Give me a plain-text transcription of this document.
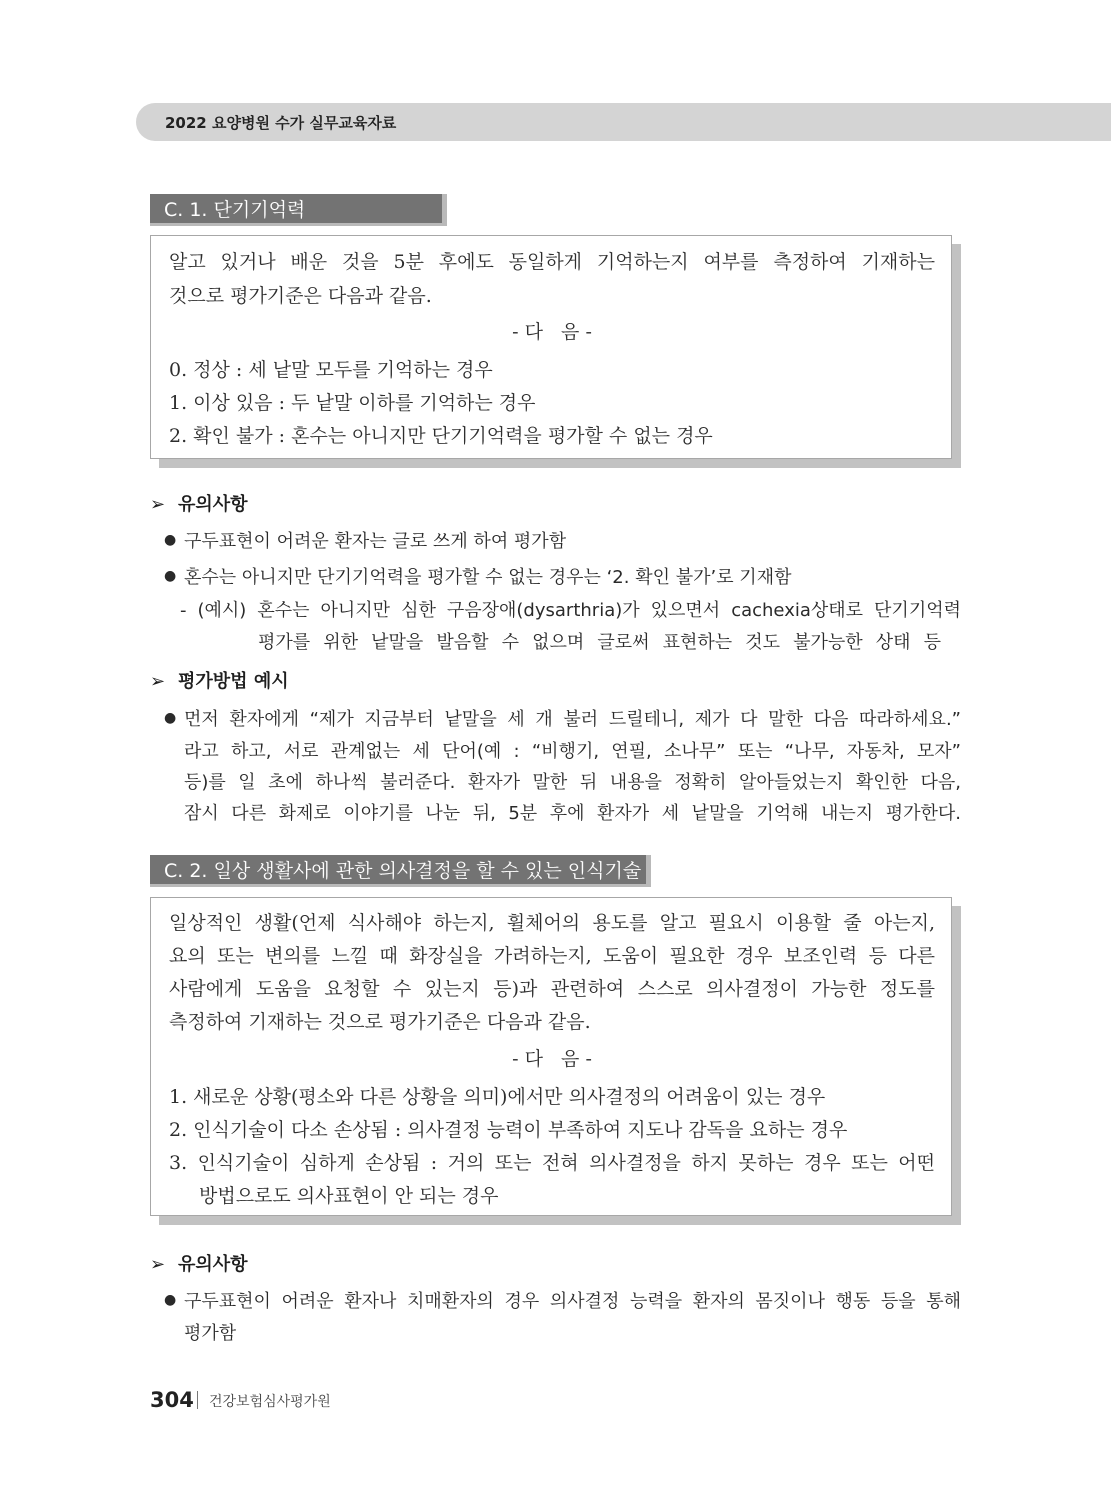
2022 요양병원 수가 실무교육자료
C. 1. 단기기억력
알고 있거나 배운 것을 5분 후에도 동일하게 기억하는지 여부를 측정하여 기재하는
것으로 평가기준은 다음과 같음.
- 다   음 -
0. 정상 : 세 낱말 모두를 기억하는 경우
1. 이상 있음 : 두 낱말 이하를 기억하는 경우
2. 확인 불가 : 혼수는 아니지만 단기기억력을 평가할 수 없는 경우
➢ 유의사항
● 구두표현이 어려운 환자는 글로 쓰게 하여 평가함
● 혼수는 아니지만 단기기억력을 평가할 수 없는 경우는 ‘2. 확인 불가’로 기재함
- (예시) 혼수는 아니지만 심한 구음장애(dysarthria)가 있으면서 cachexia상태로 단기기억력
평가를 위한 낱말을 발음할 수 없으며 글로써 표현하는 것도 불가능한 상태 등
➢ 평가방법 예시
● 먼저 환자에게 “제가 지금부터 낱말을 세 개 불러 드릴테니, 제가 다 말한 다음 따라하세요.”
라고 하고, 서로 관계없는 세 단어(예 : “비행기, 연필, 소나무” 또는 “나무, 자동차, 모자”
등)를 일 초에 하나씩 불러준다. 환자가 말한 뒤 내용을 정확히 알아들었는지 확인한 다음,
잠시 다른 화제로 이야기를 나눈 뒤, 5분 후에 환자가 세 낱말을 기억해 내는지 평가한다.
C. 2. 일상 생활사에 관한 의사결정을 할 수 있는 인식기술
일상적인 생활(언제 식사해야 하는지, 휠체어의 용도를 알고 필요시 이용할 줄 아는지,
요의 또는 변의를 느낄 때 화장실을 가려하는지, 도움이 필요한 경우 보조인력 등 다른
사람에게 도움을 요청할 수 있는지 등)과 관련하여 스스로 의사결정이 가능한 정도를
측정하여 기재하는 것으로 평가기준은 다음과 같음.
- 다   음 -
1. 새로운 상황(평소와 다른 상황을 의미)에서만 의사결정의 어려움이 있는 경우
2. 인식기술이 다소 손상됨 : 의사결정 능력이 부족하여 지도나 감독을 요하는 경우
3. 인식기술이 심하게 손상됨 : 거의 또는 전혀 의사결정을 하지 못하는 경우 또는 어떤
방법으로도 의사표현이 안 되는 경우
➢ 유의사항
● 구두표현이 어려운 환자나 치매환자의 경우 의사결정 능력을 환자의 몸짓이나 행동 등을 통해
평가함
304 건강보험심사평가원
